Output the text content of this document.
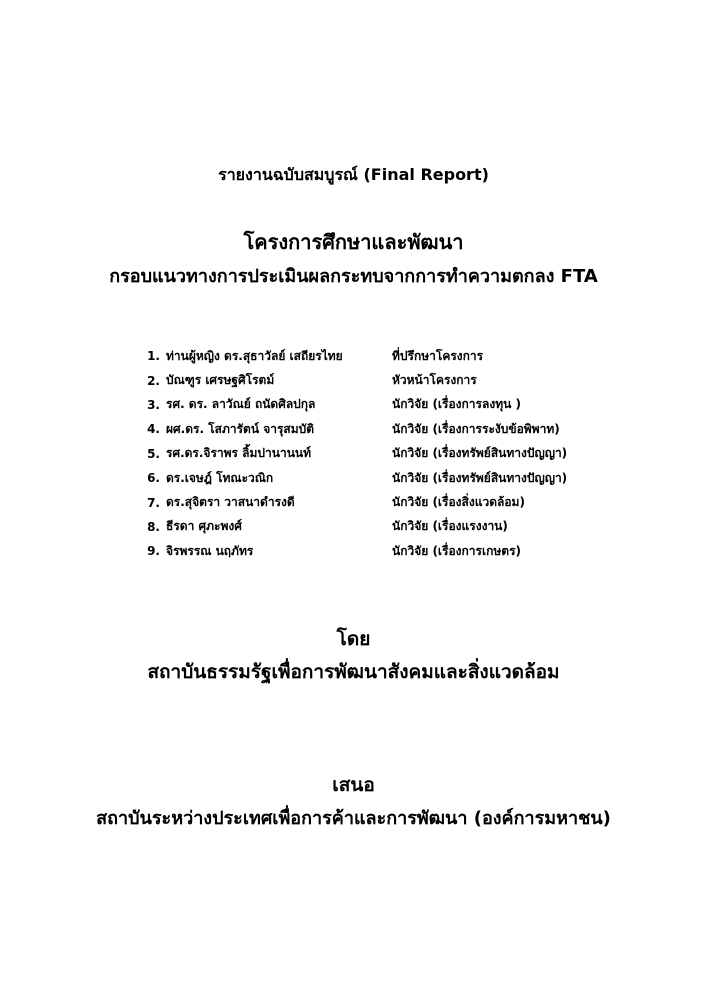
รายงานฉบับสมบูรณ์ (Final Report)
โครงการศึกษาและพัฒนา
กรอบแนวทางการประเมินผลกระทบจากการทำความตกลง FTA
1. ท่านผู้หญิง ดร.สุธาวัลย์ เสถียรไทย	ที่ปรึกษาโครงการ
2. บัณฑูร เศรษฐศิโรตม์	หัวหน้าโครงการ
3. รศ. ดร. ลาวัณย์ ถนัดศิลปกุล	นักวิจัย (เรื่องการลงทุน )
4. ผศ.ดร. โสภารัตน์ จารุสมบัติ	นักวิจัย (เรื่องการระงับข้อพิพาท)
5. รศ.ดร.จิราพร ลิ้มปานานนท์	นักวิจัย (เรื่องทรัพย์สินทางปัญญา)
6. ดร.เจษฎ์ โทณะวณิก	นักวิจัย (เรื่องทรัพย์สินทางปัญญา)
7. ดร.สุจิตรา วาสนาดำรงดี	นักวิจัย (เรื่องสิ่งแวดล้อม)
8. ธีรดา ศุภะพงศ์	นักวิจัย (เรื่องแรงงาน)
9. จิรพรรณ นฤภัทร	นักวิจัย (เรื่องการเกษตร)
โดย
สถาบันธรรมรัฐเพื่อการพัฒนาสังคมและสิ่งแวดล้อม
เสนอ
สถาบันระหว่างประเทศเพื่อการค้าและการพัฒนา (องค์การมหาชน)
